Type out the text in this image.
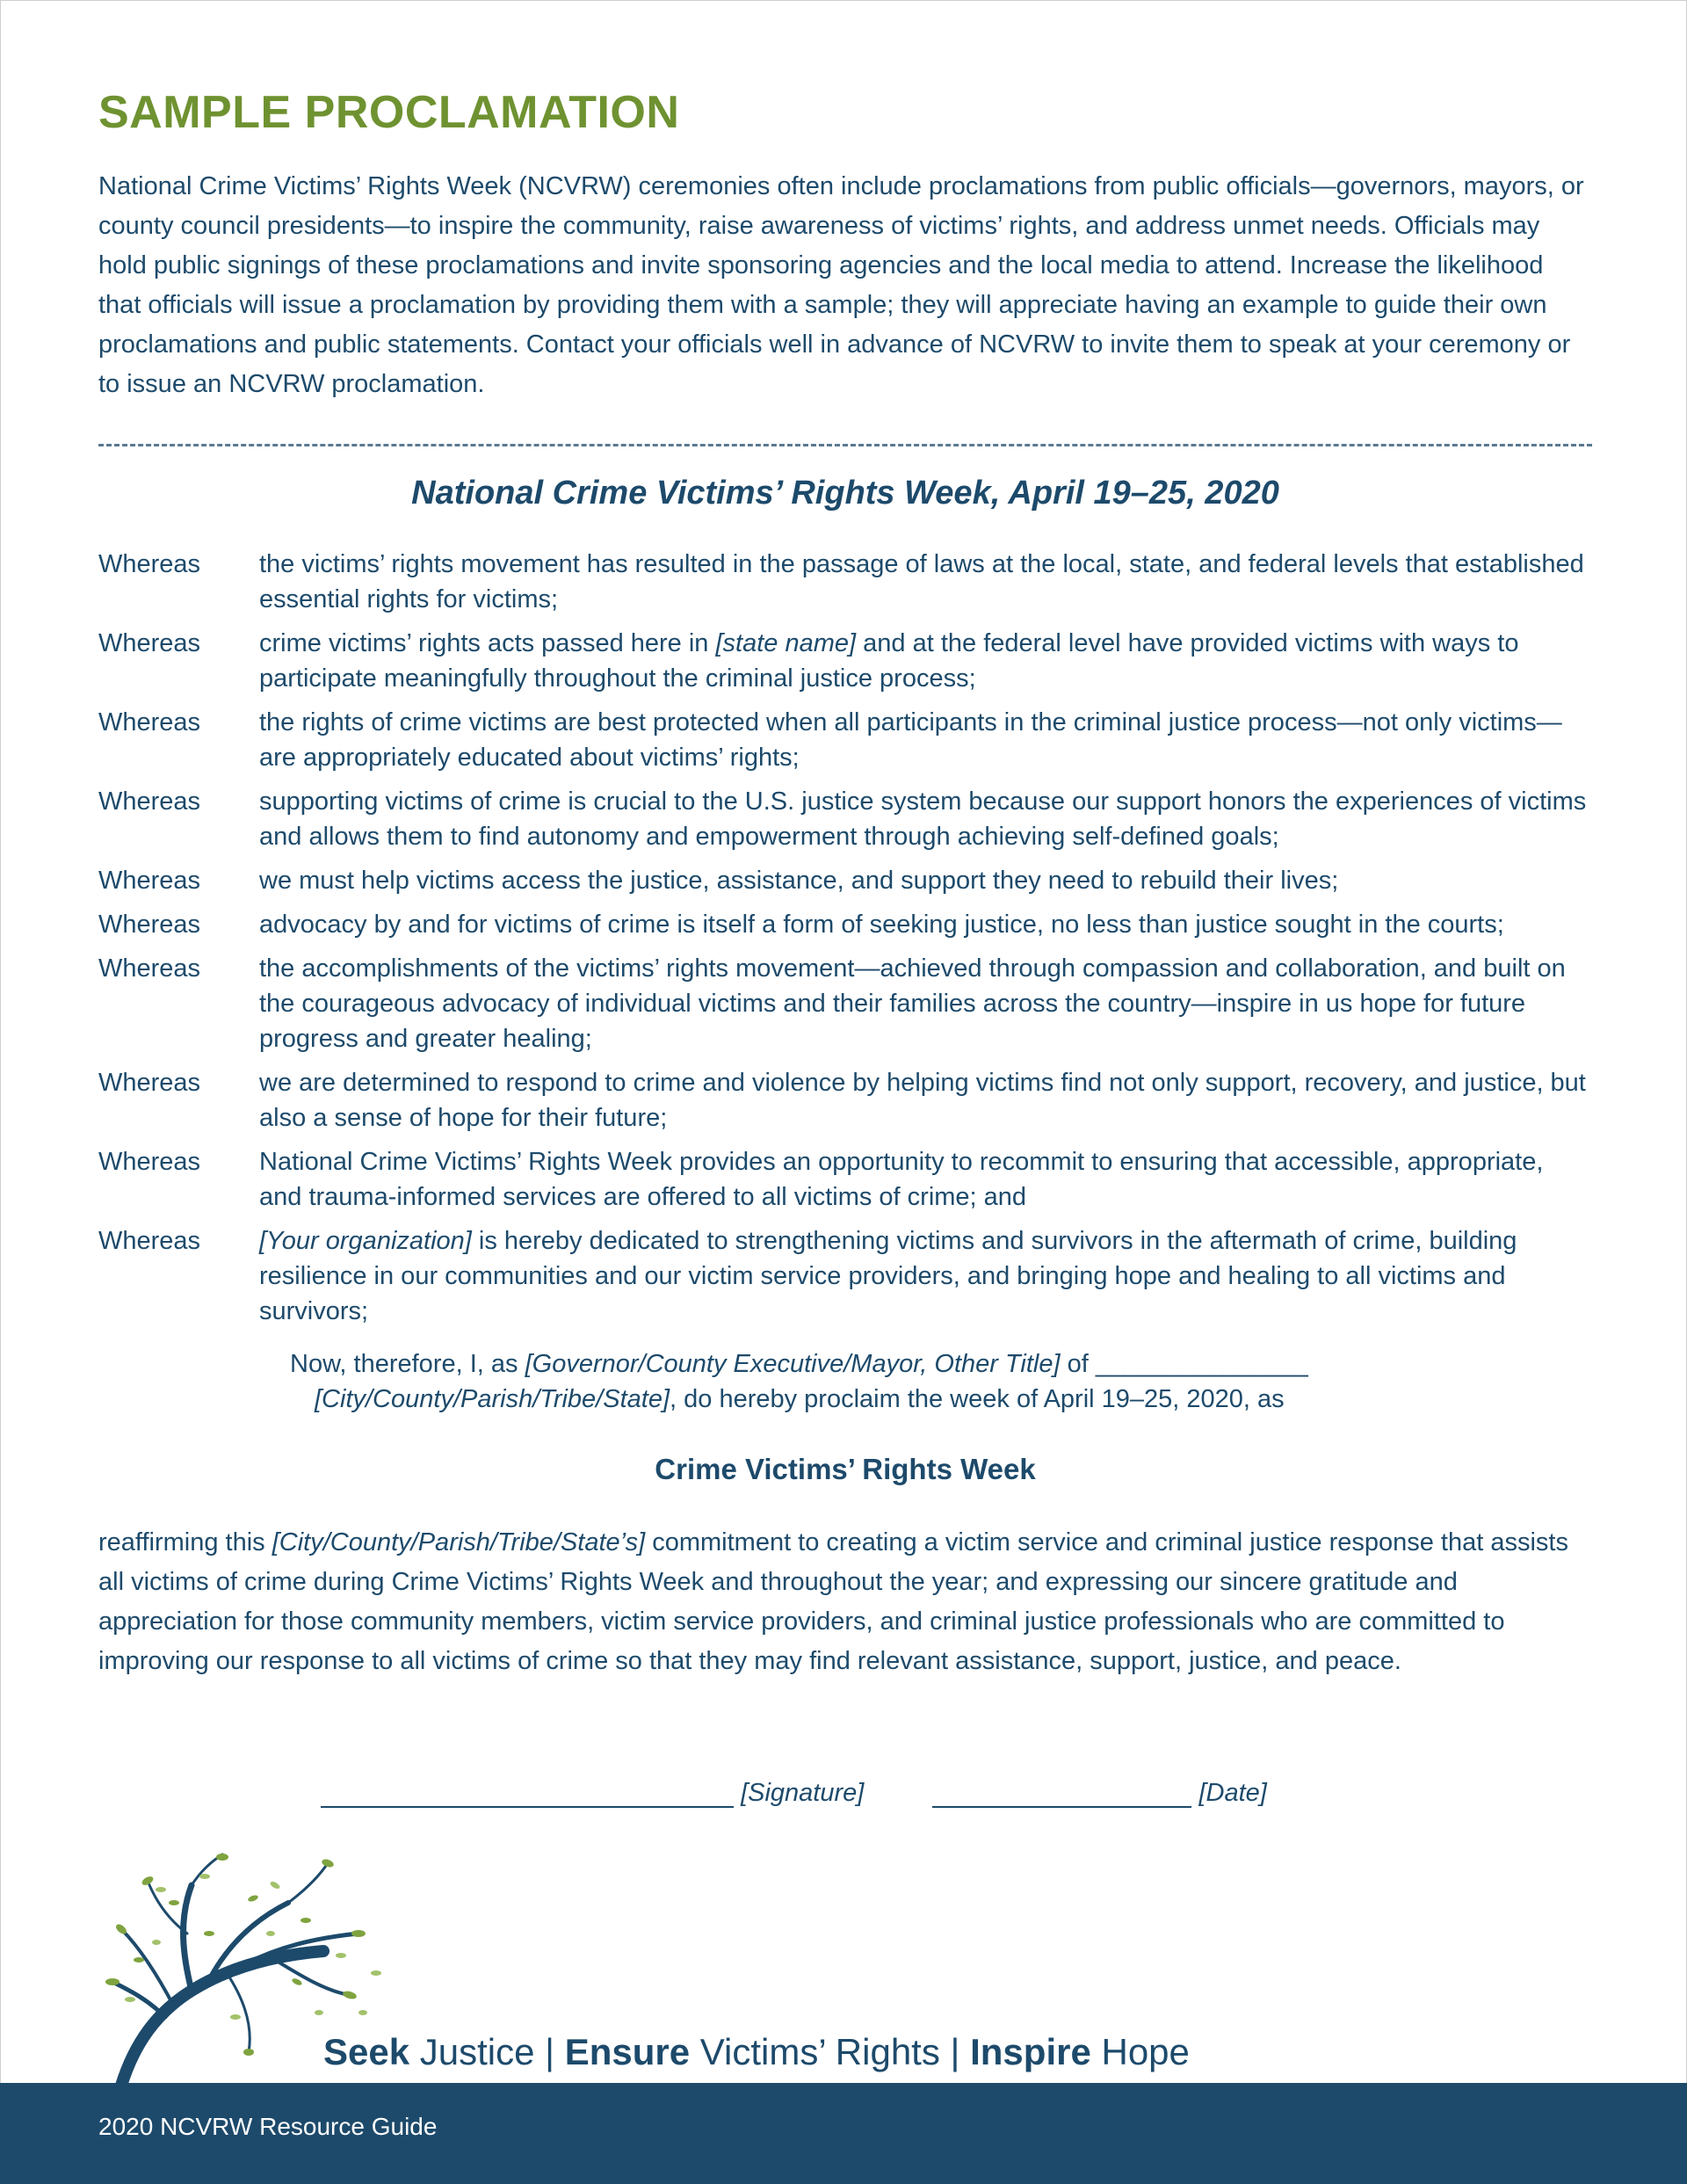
SAMPLE PROCLAMATION

National Crime Victims’ Rights Week (NCVRW) ceremonies often include proclamations from public officials—governors, mayors, or county council presidents—to inspire the community, raise awareness of victims’ rights, and address unmet needs. Officials may hold public signings of these proclamations and invite sponsoring agencies and the local media to attend. Increase the likelihood that officials will issue a proclamation by providing them with a sample; they will appreciate having an example to guide their own proclamations and public statements. Contact your officials well in advance of NCVRW to invite them to speak at your ceremony or to issue an NCVRW proclamation.

National Crime Victims’ Rights Week, April 19–25, 2020
Whereas	the victims’ rights movement has resulted in the passage of laws at the local, state, and federal levels that established essential rights for victims;
Whereas	crime victims’ rights acts passed here in [state name] and at the federal level have provided victims with ways to participate meaningfully throughout the criminal justice process;
Whereas	the rights of crime victims are best protected when all participants in the criminal justice process—not only victims—are appropriately educated about victims’ rights;
Whereas	supporting victims of crime is crucial to the U.S. justice system because our support honors the experiences of victims and allows them to find autonomy and empowerment through achieving self-defined goals;
Whereas	we must help victims access the justice, assistance, and support they need to rebuild their lives;
Whereas	advocacy by and for victims of crime is itself a form of seeking justice, no less than justice sought in the courts;
Whereas	the accomplishments of the victims’ rights movement—achieved through compassion and collaboration, and built on the courageous advocacy of individual victims and their families across the country—inspire in us hope for future progress and greater healing;
Whereas	we are determined to respond to crime and violence by helping victims find not only support, recovery, and justice, but also a sense of hope for their future;
Whereas	National Crime Victims’ Rights Week provides an opportunity to recommit to ensuring that accessible, appropriate, and trauma-informed services are offered to all victims of crime; and
Whereas	[Your organization] is hereby dedicated to strengthening victims and survivors in the aftermath of crime, building resilience in our communities and our victim service providers, and bringing hope and healing to all victims and survivors;
Now, therefore, I, as [Governor/County Executive/Mayor, Other Title] of _______________
[City/County/Parish/Tribe/State], do hereby proclaim the week of April 19–25, 2020, as
Crime Victims’ Rights Week

reaffirming this [City/County/Parish/Tribe/State’s] commitment to creating a victim service and criminal justice response that assists all victims of crime during Crime Victims’ Rights Week and throughout the year; and expressing our sincere gratitude and appreciation for those community members, victim service providers, and criminal justice professionals who are committed to improving our response to all victims of crime so that they may find relevant assistance, support, justice, and peace.

[Signature]	[Date]
Seek Justice | Ensure Victims’ Rights | Inspire Hope
2020 NCVRW Resource Guide
